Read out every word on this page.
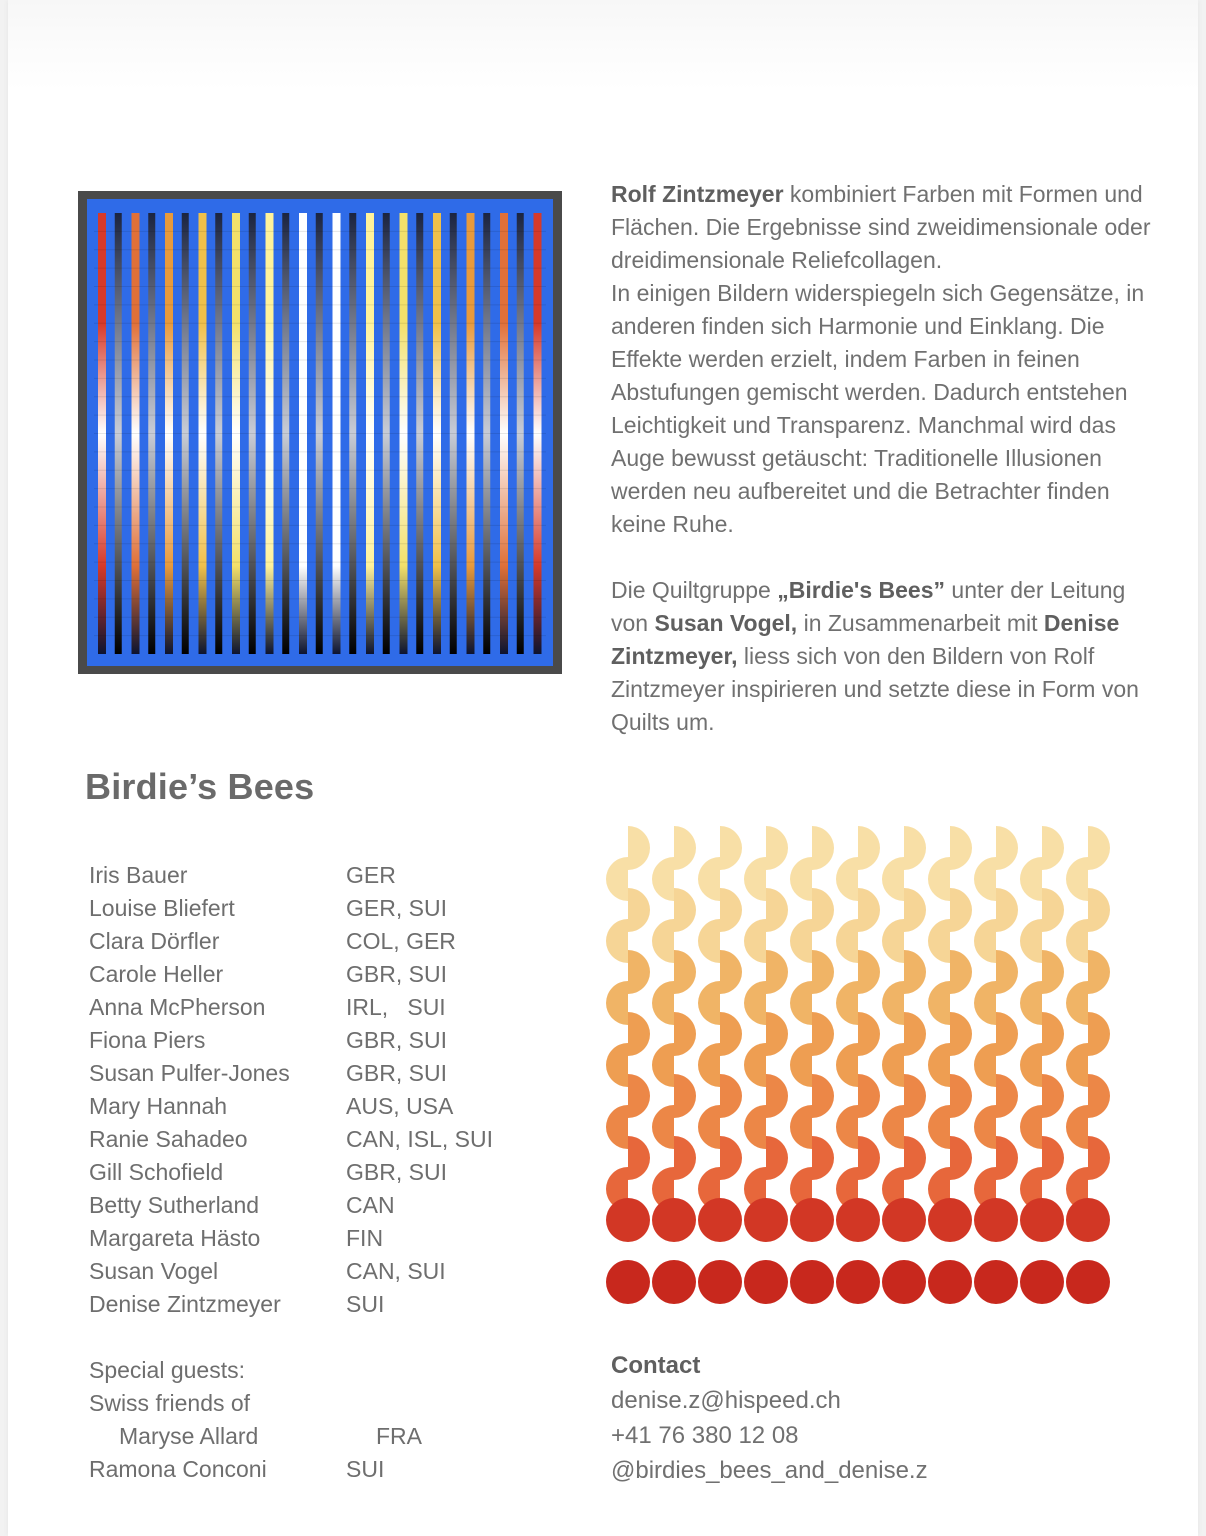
Rolf Zintzmeyer kombiniert Farben mit Formen und Flächen. Die Ergebnisse sind zweidimensionale oder dreidimensionale Reliefcollagen.

In einigen Bildern widerspiegeln sich Gegensätze, in anderen finden sich Harmonie und Einklang. Die Effekte werden erzielt, indem Farben in feinen Abstufungen gemischt werden. Dadurch entstehen Leichtigkeit und Transparenz. Manchmal wird das Auge bewusst getäuscht: Traditionelle Illusionen werden neu aufbereitet und die Betrachter finden keine Ruhe.

Die Quiltgruppe „Birdie's Bees” unter der Leitung von Susan Vogel, in Zusammenarbeit mit Denise Zintzmeyer, liess sich von den Bildern von Rolf Zintzmeyer inspirieren und setzte diese in Form von Quilts um.

Birdie’s Bees
Iris Bauer	GER
Louise Bliefert	GER, SUI
Clara Dörfler	COL, GER
Carole Heller	GBR, SUI
Anna McPherson	IRL,   SUI
Fiona Piers	GBR, SUI
Susan Pulfer-Jones	GBR, SUI
Mary Hannah	AUS, USA
Ranie Sahadeo	CAN, ISL, SUI
Gill Schofield	GBR, SUI
Betty Sutherland	CAN
Margareta Hästo	FIN
Susan Vogel	CAN, SUI
Denise Zintzmeyer	SUI
Special guests:
Swiss friends of
Maryse Allard	FRA
Ramona Conconi	SUI
Contact
denise.z@hispeed.ch
+41 76 380 12 08
@birdies_bees_and_denise.z
